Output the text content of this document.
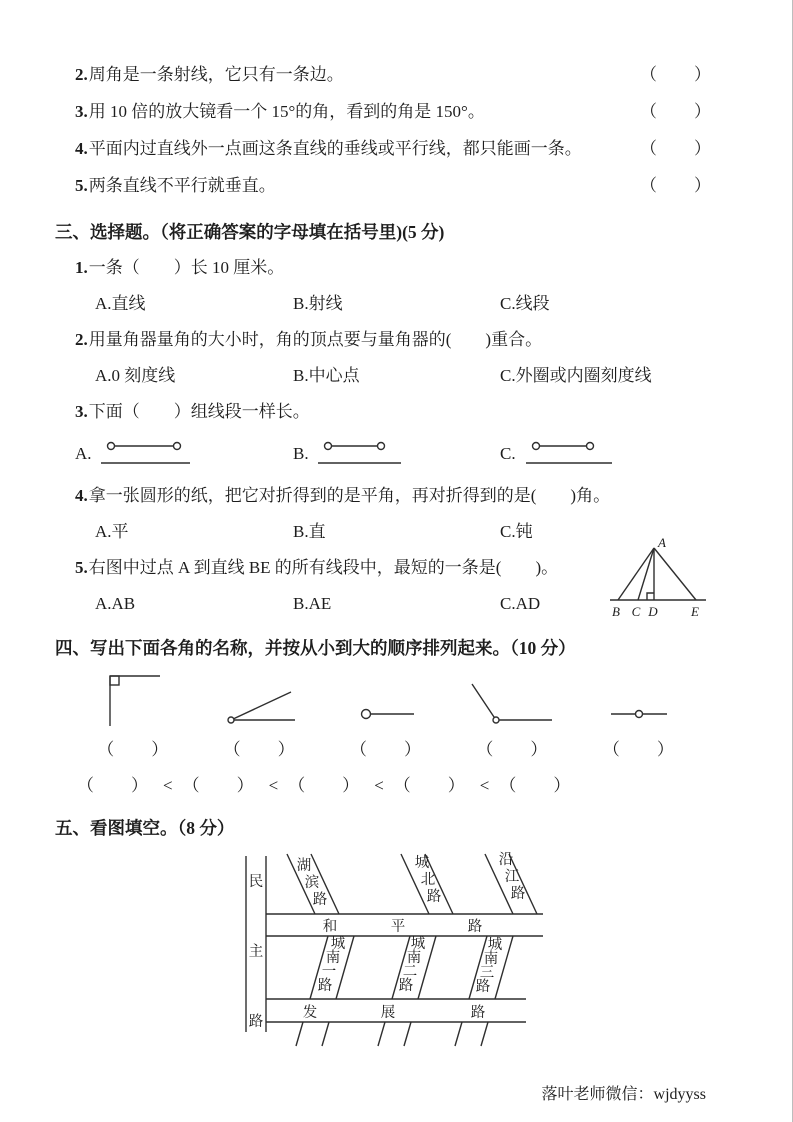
2.周角是一条射线，它只有一条边。	（　　）
3.用 10 倍的放大镜看一个 15°的角，看到的角是 150°。	（　　）
4.平面内过直线外一点画这条直线的垂线或平行线，都只能画一条。	（　　）
5.两条直线不平行就垂直。	（　　）
三、选择题。（将正确答案的字母填在括号里)(5 分)
1.一条（　　）长 10 厘米。
A.直线	B.射线	C.线段
2.用量角器量角的大小时，角的顶点要与量角器的(　　)重合。
A.0 刻度线	B.中心点	C.外圈或内圈刻度线
3.下面（　　）组线段一样长。
A.	B.	C.
4.拿一张圆形的纸，把它对折得到的是平角，再对折得到的是(　　)角。
A.平	B.直	C.钝
5.右图中过点 A 到直线 BE 的所有线段中，最短的一条是(　　)。
A.AB	B.AE	C.AD
A
B C D	E
四、写出下面各角的名称，并按从小到大的顺序排列起来。（10 分）
（　　）	（　　）	（　　）	（　　）	（　　）
（　　） < （　　） < （　　） < （　　） < （　　）
五、看图填空。（8 分）
民主路
湖滨路
城北路
沿江路
和平路
城南一路
城南二路
城南三路
发展路
落叶老师微信：wjdyyss
